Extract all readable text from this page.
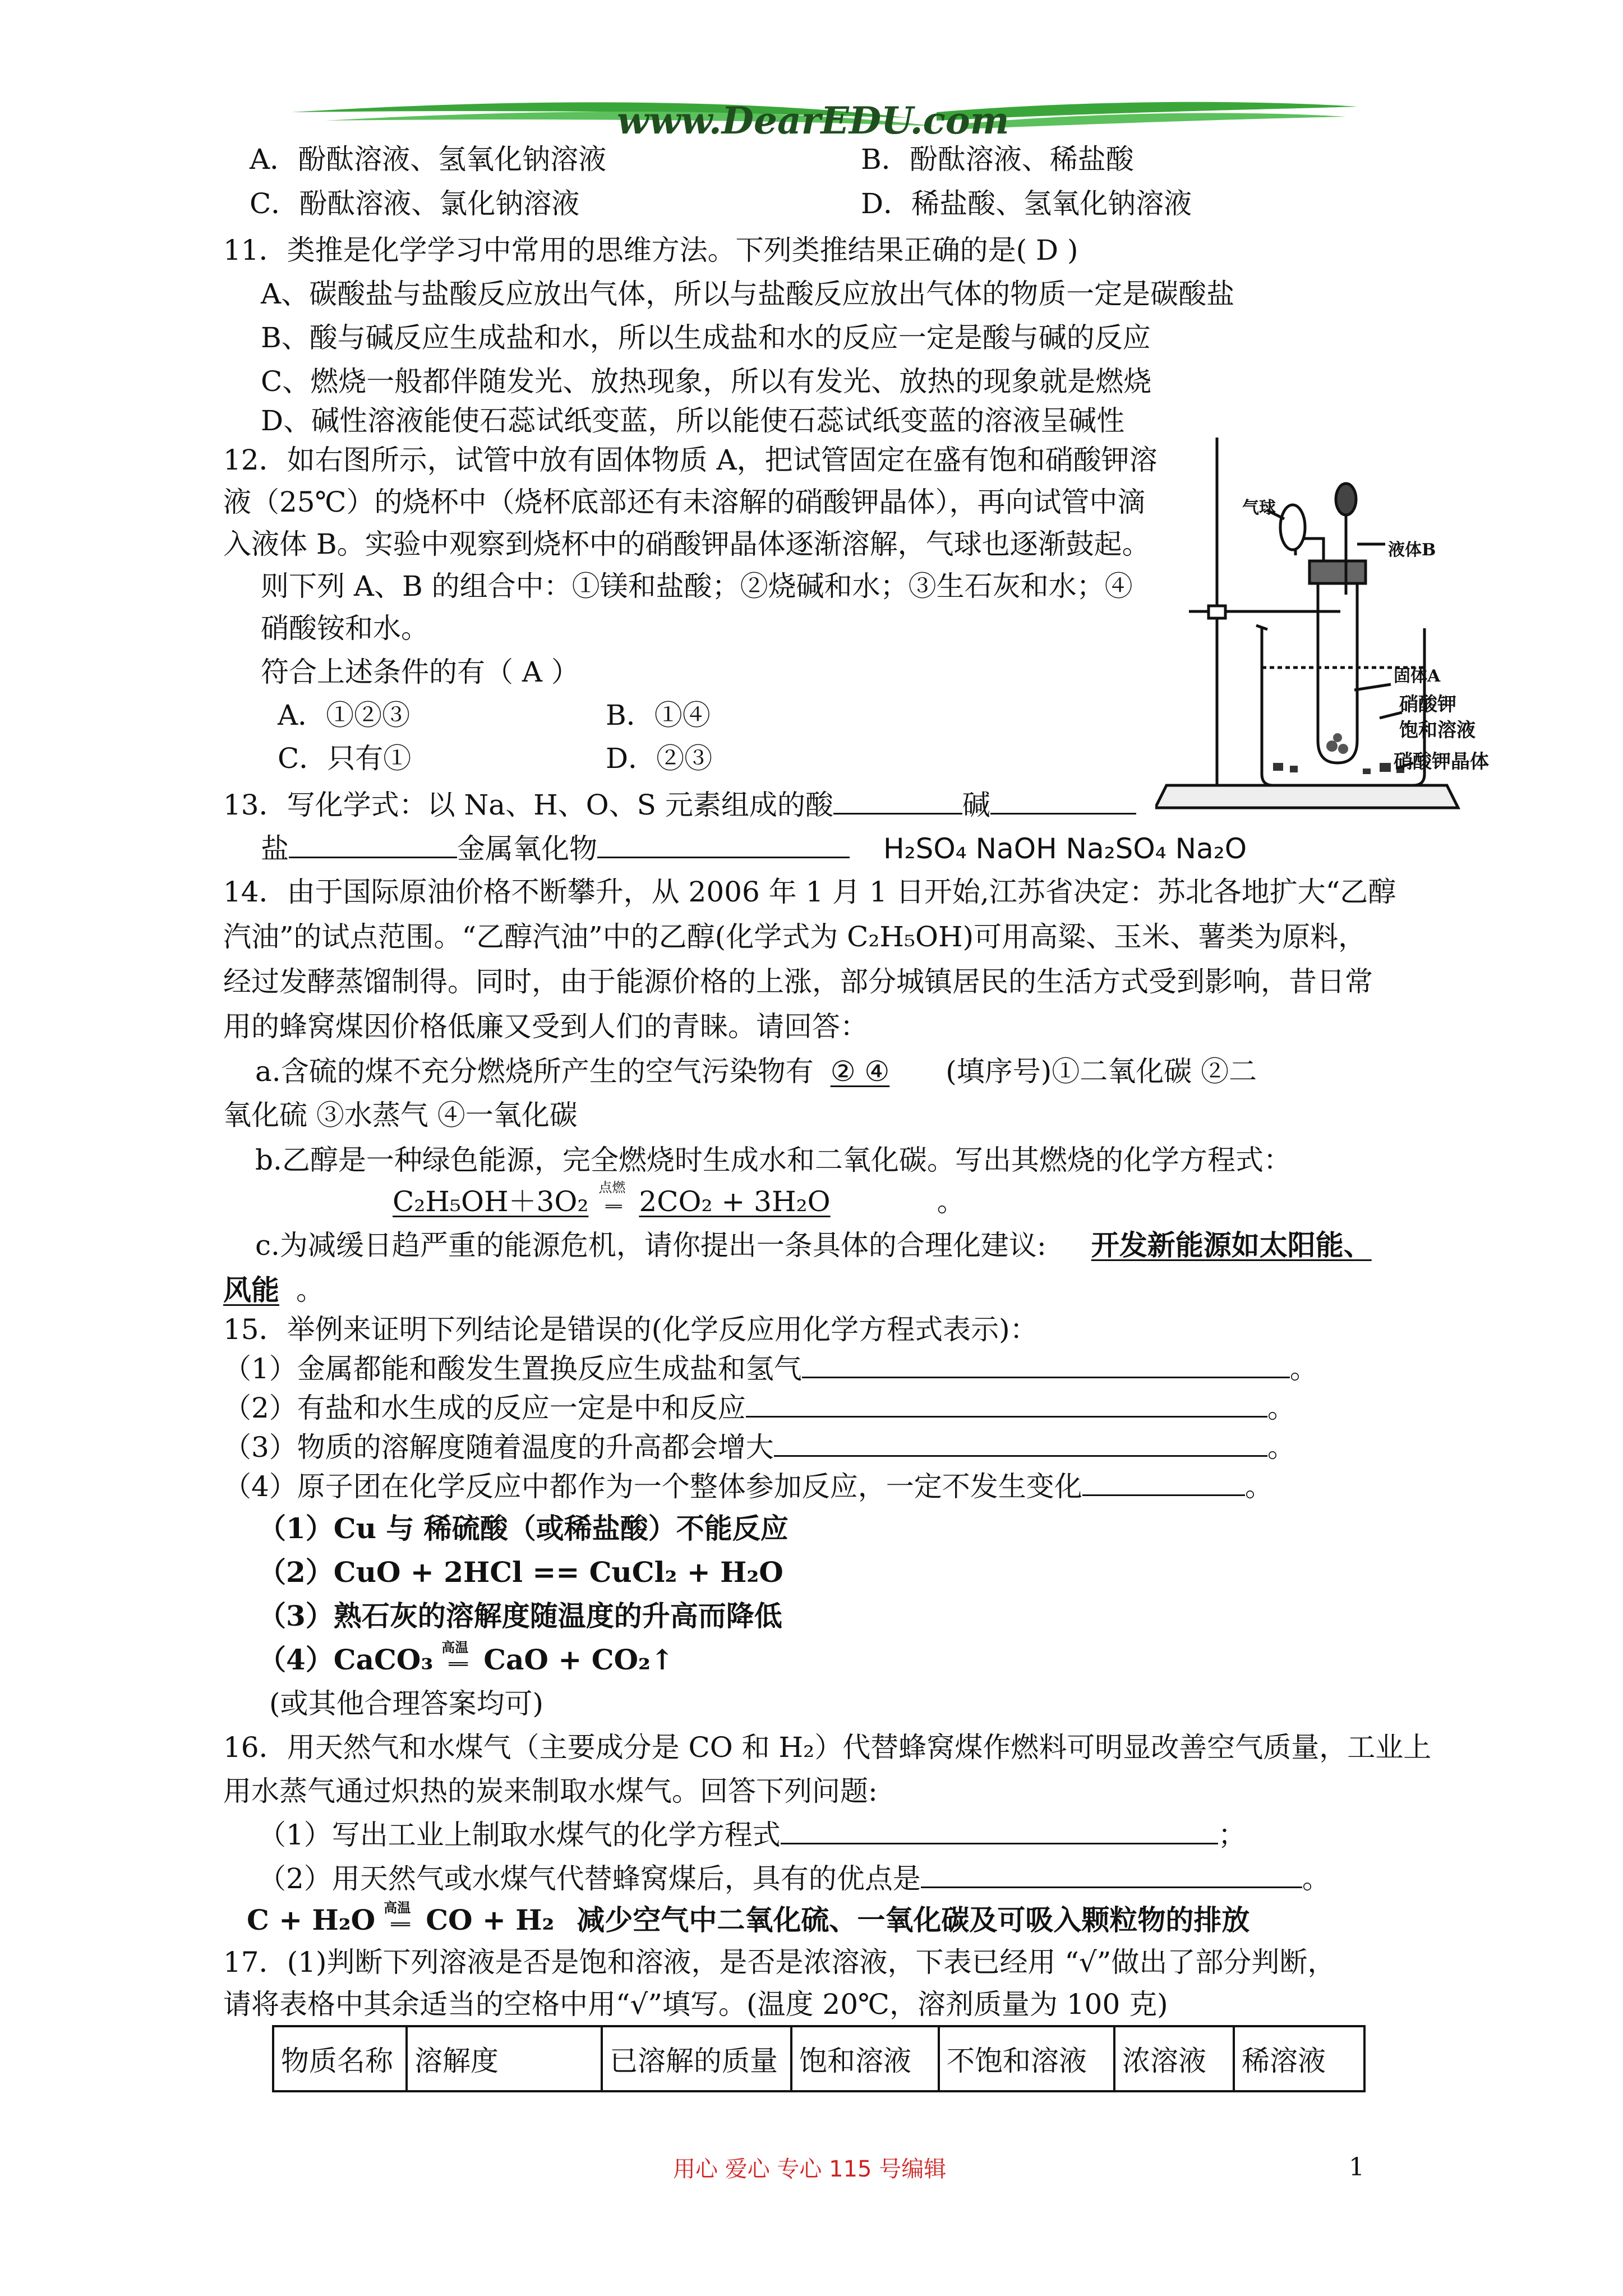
www.DearEDU.com
A．酚酞溶液、氢氧化钠溶液	B．酚酞溶液、稀盐酸
C．酚酞溶液、氯化钠溶液	D．稀盐酸、氢氧化钠溶液
11．类推是化学学习中常用的思维方法。下列类推结果正确的是( D )
A、碳酸盐与盐酸反应放出气体，所以与盐酸反应放出气体的物质一定是碳酸盐
B、酸与碱反应生成盐和水，所以生成盐和水的反应一定是酸与碱的反应
C、燃烧一般都伴随发光、放热现象，所以有发光、放热的现象就是燃烧
D、碱性溶液能使石蕊试纸变蓝，所以能使石蕊试纸变蓝的溶液呈碱性
12．如右图所示，试管中放有固体物质 A，把试管固定在盛有饱和硝酸钾溶
液（25℃）的烧杯中（烧杯底部还有未溶解的硝酸钾晶体），再向试管中滴
入液体 B。实验中观察到烧杯中的硝酸钾晶体逐渐溶解，气球也逐渐鼓起。
则下列 A、B 的组合中：①镁和盐酸；②烧碱和水；③生石灰和水；④
硝酸铵和水。
符合上述条件的有（ A ）
A．①②③	B．①④
C．只有①	D．②③
气球
液体B
固体A
硝酸钾
饱和溶液
硝酸钾晶体
13．写化学式：以 Na、H、O、S 元素组成的酸	碱
盐	金属氧化物	H₂SO₄ NaOH Na₂SO₄ Na₂O
14．由于国际原油价格不断攀升，从 2006 年 1 月 1 日开始,江苏省决定：苏北各地扩大“乙醇
汽油”的试点范围。“乙醇汽油”中的乙醇(化学式为 C₂H₅OH)可用高粱、玉米、薯类为原料，
经过发酵蒸馏制得。同时，由于能源价格的上涨，部分城镇居民的生活方式受到影响，昔日常
用的蜂窝煤因价格低廉又受到人们的青睐。请回答：
a.含硫的煤不充分燃烧所产生的空气污染物有 ② ④ (填序号)①二氧化碳 ②二
氧化硫 ③水蒸气 ④一氧化碳
b.乙醇是一种绿色能源，完全燃烧时生成水和二氧化碳。写出其燃烧的化学方程式：
C₂H₅OH＋3O₂ 点燃
══ 2CO₂ + 3H₂O	。
c.为减缓日趋严重的能源危机，请你提出一条具体的合理化建议: 开发新能源如太阳能、
风能 。
15．举例来证明下列结论是错误的(化学反应用化学方程式表示)：
（1）金属都能和酸发生置换反应生成盐和氢气	。
（2）有盐和水生成的反应一定是中和反应	。
（3）物质的溶解度随着温度的升高都会增大	。
（4）原子团在化学反应中都作为一个整体参加反应，一定不发生变化	。
（1）Cu 与 稀硫酸（或稀盐酸）不能反应
（2）CuO + 2HCl == CuCl₂ + H₂O
（3）熟石灰的溶解度随温度的升高而降低
（4）CaCO₃ 高温
══ CaO + CO₂↑
(或其他合理答案均可)
16．用天然气和水煤气（主要成分是 CO 和 H₂）代替蜂窝煤作燃料可明显改善空气质量，工业上
用水蒸气通过炽热的炭来制取水煤气。回答下列问题:
（1）写出工业上制取水煤气的化学方程式	；
（2）用天然气或水煤气代替蜂窝煤后，具有的优点是	。
C + H₂O 高温
══ CO + H₂ 减少空气中二氧化硫、一氧化碳及可吸入颗粒物的排放
17．(1)判断下列溶液是否是饱和溶液，是否是浓溶液，下表已经用 “√”做出了部分判断，
请将表格中其余适当的空格中用“√”填写。(温度 20℃，溶剂质量为 100 克)
物质名称	溶解度	已溶解的质量	饱和溶液	不饱和溶液	浓溶液	稀溶液
用心 爱心 专心 115 号编辑	1
